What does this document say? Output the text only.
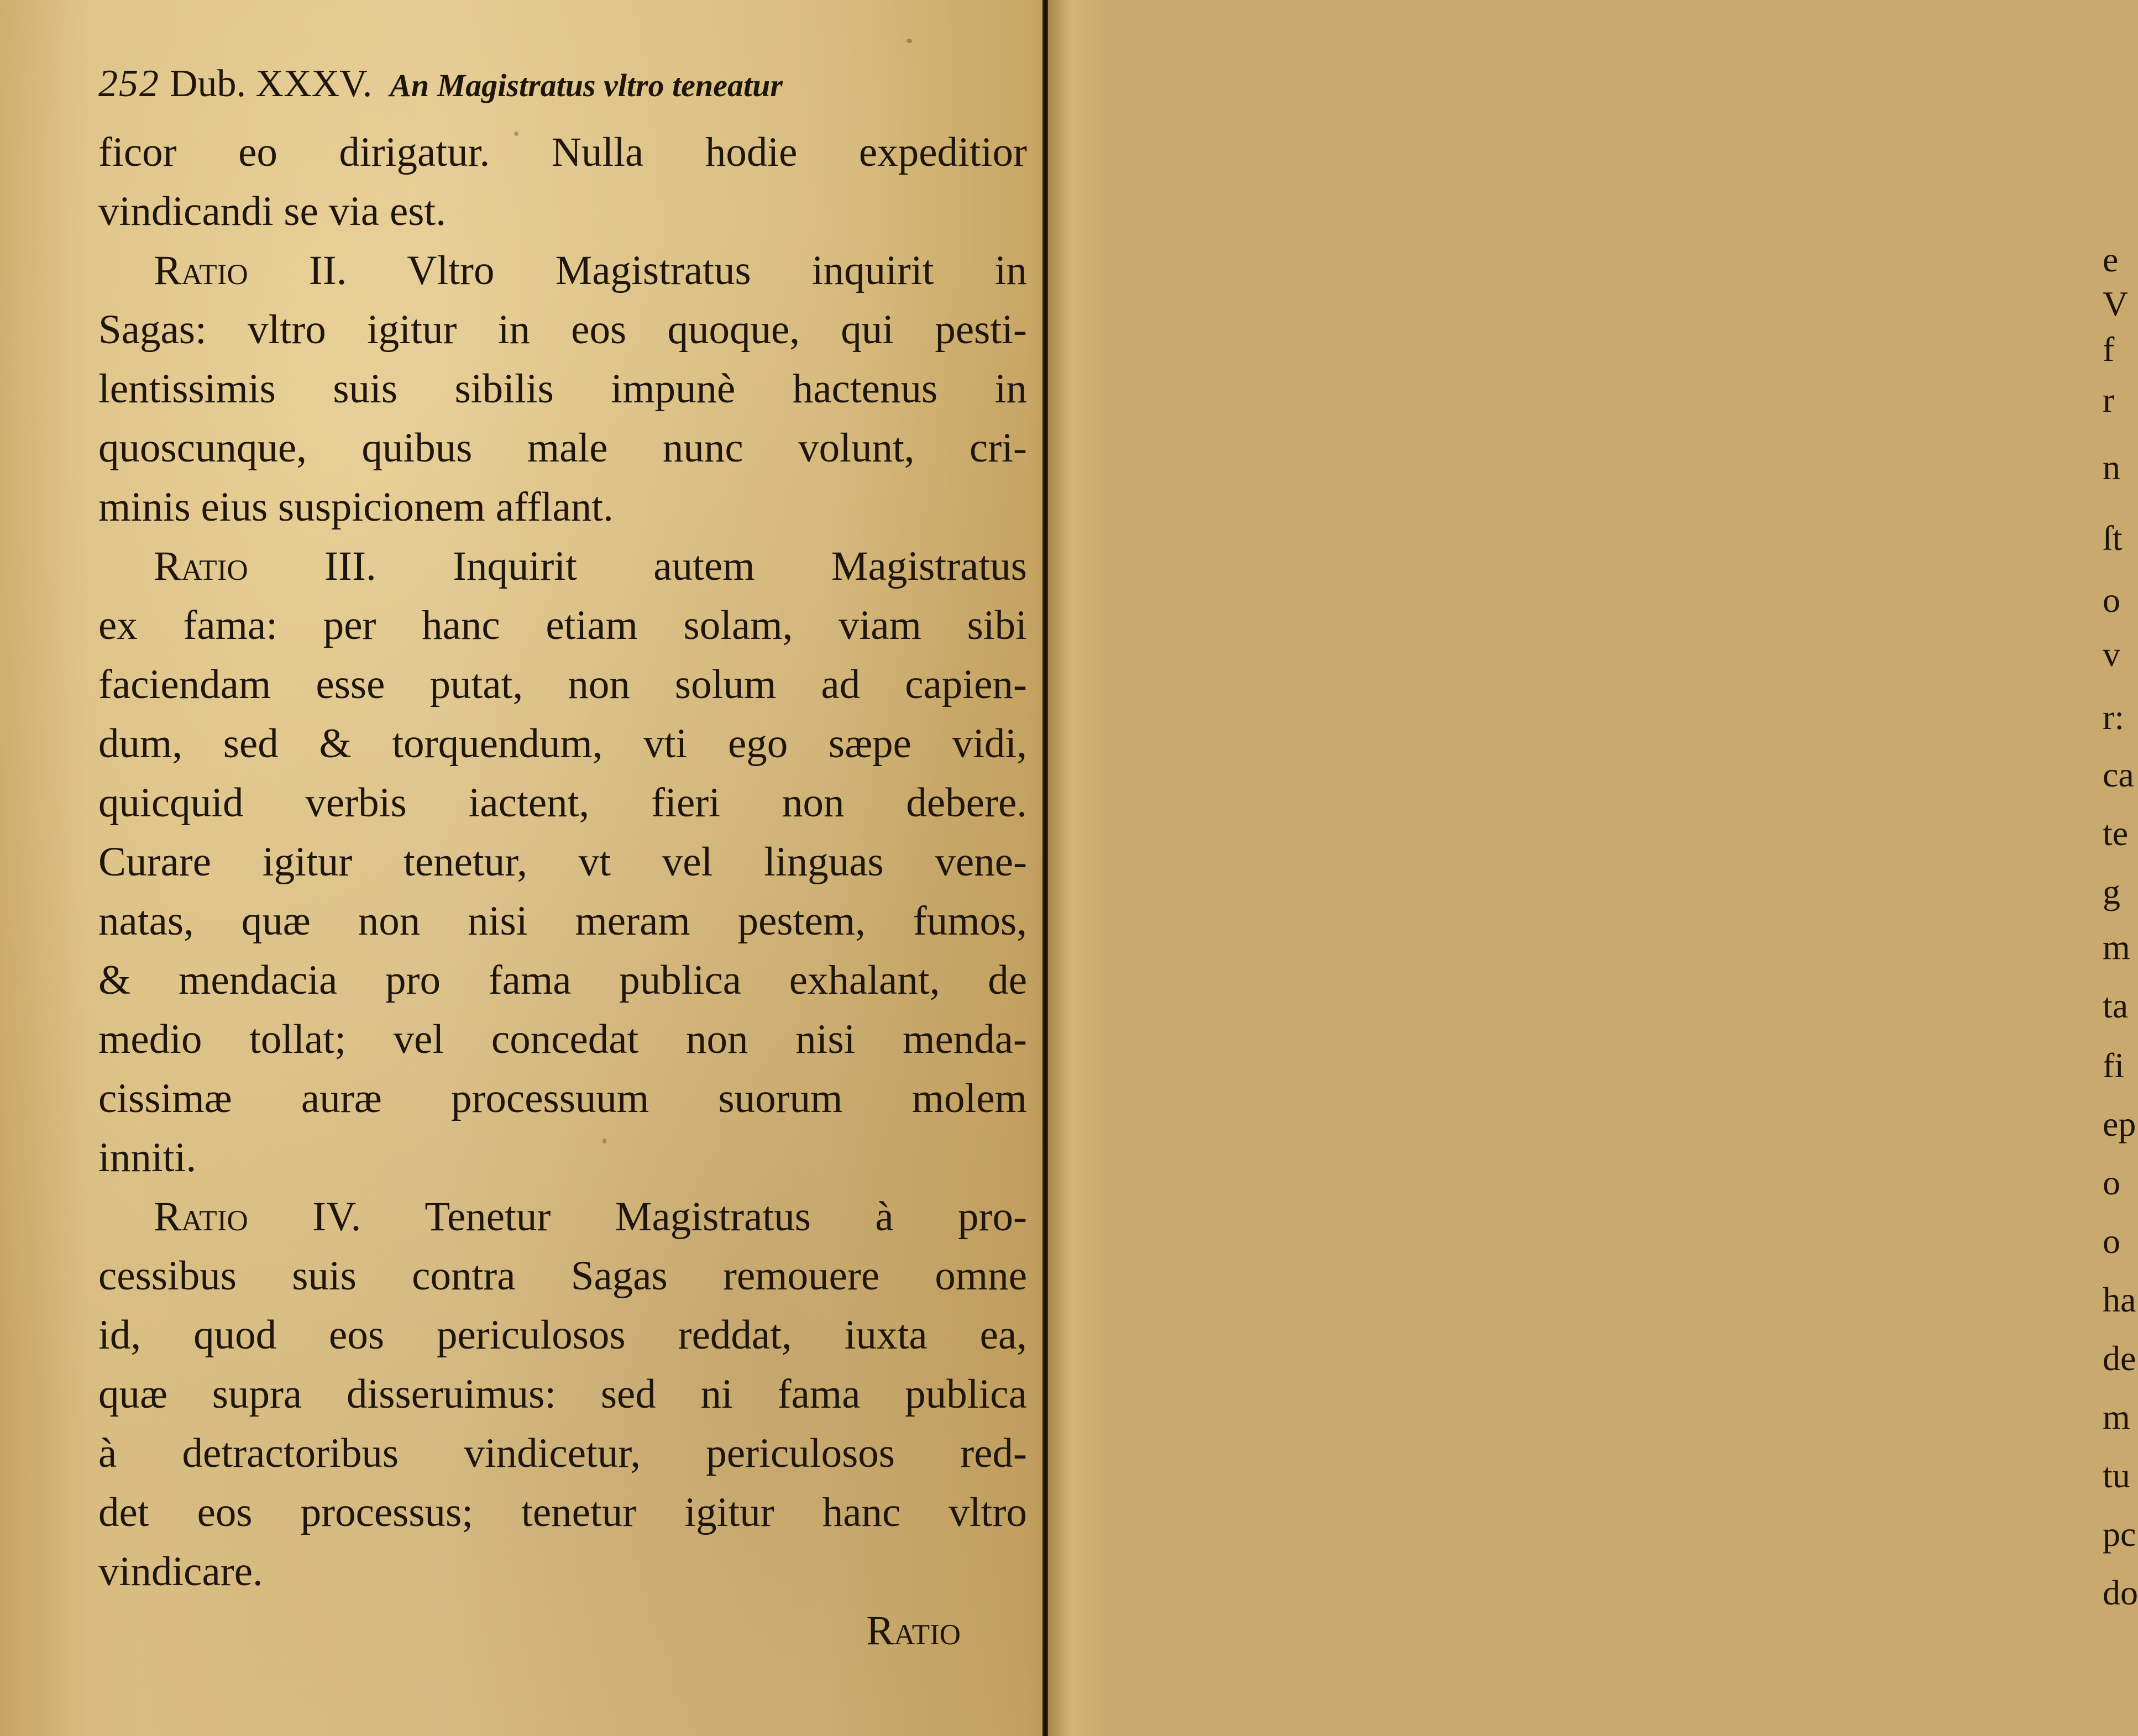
e
V
f
r
n
ſt
o
v
r:
ca
te
g
m
ta
fi
ep
o
o
ha
de
m
tu
pc
do
252 Dub. XXXV. An Magistratus vltro teneatur
ficor eo dirigatur. Nulla hodie expeditior
vindicandi se via est.
Ratio II. Vltro Magistratus inquirit in
Sagas: vltro igitur in eos quoque, qui pesti-
lentissimis suis sibilis impunè hactenus in
quoscunque, quibus male nunc volunt, cri-
minis eius suspicionem afflant.
Ratio III. Inquirit autem Magistratus
ex fama: per hanc etiam solam, viam sibi
faciendam esse putat, non solum ad capien-
dum, sed & torquendum, vti ego sæpe vidi,
quicquid verbis iactent, fieri non debere.
Curare igitur tenetur, vt vel linguas vene-
natas, quæ non nisi meram pestem, fumos,
& mendacia pro fama publica exhalant, de
medio tollat; vel concedat non nisi menda-
cissimæ auræ processuum suorum molem
inniti.
Ratio IV. Tenetur Magistratus à pro-
cessibus suis contra Sagas remouere omne
id, quod eos periculosos reddat, iuxta ea,
quæ supra disseruimus: sed ni fama publica
à detractoribus vindicetur, periculosos red-
det eos processus; tenetur igitur hanc vltro
vindicare.
Ratio
